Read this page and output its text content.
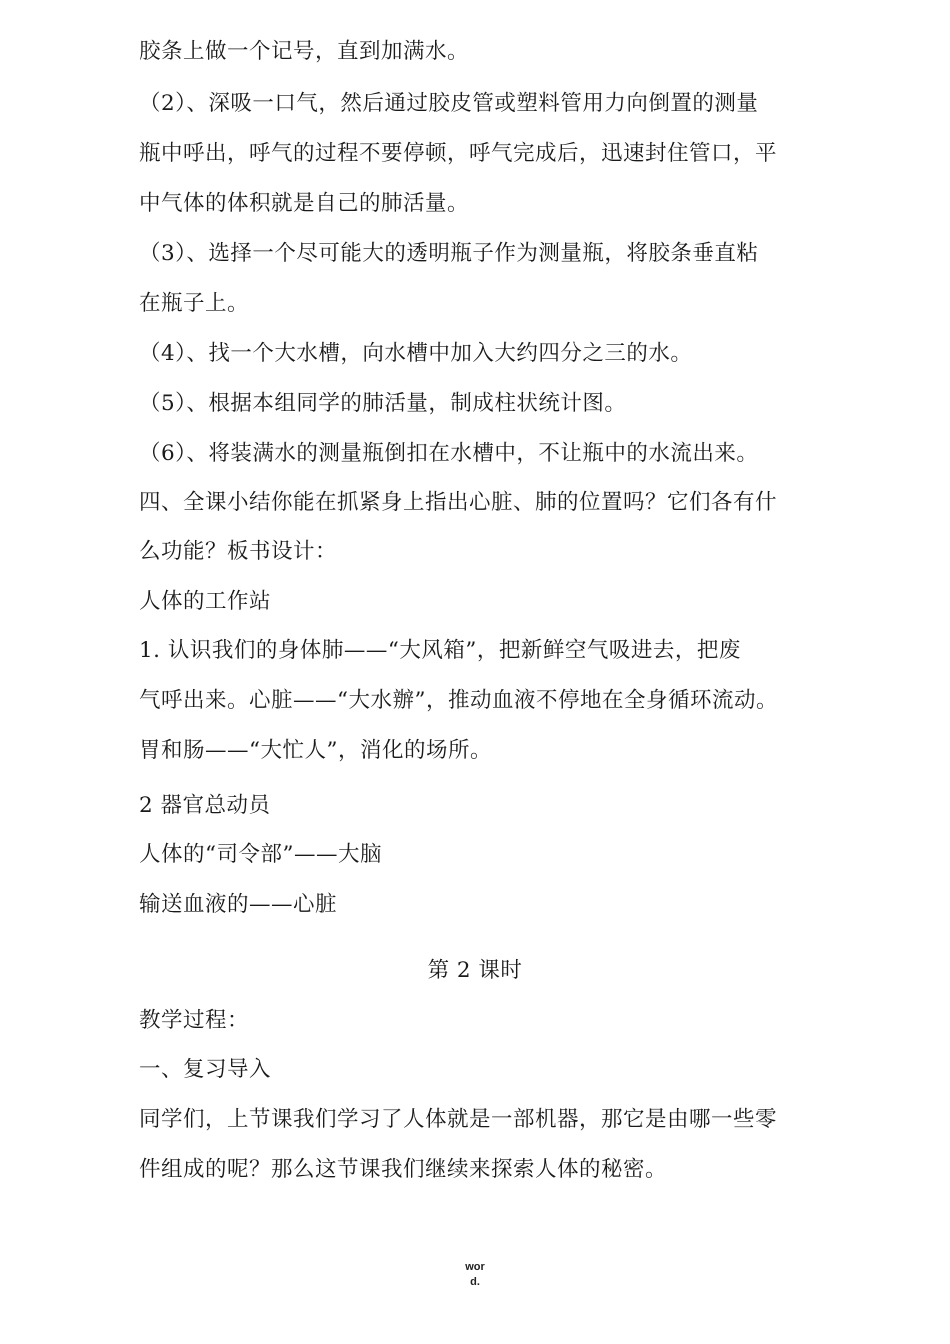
胶条上做一个记号，直到加满水。
（2）、深吸一口气，然后通过胶皮管或塑料管用力向倒置的测量
瓶中呼出，呼气的过程不要停顿，呼气完成后，迅速封住管口，平
中气体的体积就是自己的肺活量。
（3）、选择一个尽可能大的透明瓶子作为测量瓶，将胶条垂直粘
在瓶子上。
（4）、找一个大水槽，向水槽中加入大约四分之三的水。
（5）、根据本组同学的肺活量，制成柱状统计图。
（6）、将装满水的测量瓶倒扣在水槽中，不让瓶中的水流出来。
四、全课小结你能在抓紧身上指出心脏、肺的位置吗？它们各有什
么功能？板书设计：
人体的工作站
1. 认识我们的身体肺——“大风箱”，把新鲜空气吸进去，把废
气呼出来。心脏——“大水辦”，推动血液不停地在全身循环流动。
胃和肠——“大忙人”，消化的场所。
2 器官总动员
人体的“司令部”——大脑
输送血液的——心脏
第 2 课时
教学过程：
一、复习导入
同学们，上节课我们学习了人体就是一部机器，那它是由哪一些零
件组成的呢？那么这节课我们继续来探索人体的秘密。
wor
d.
